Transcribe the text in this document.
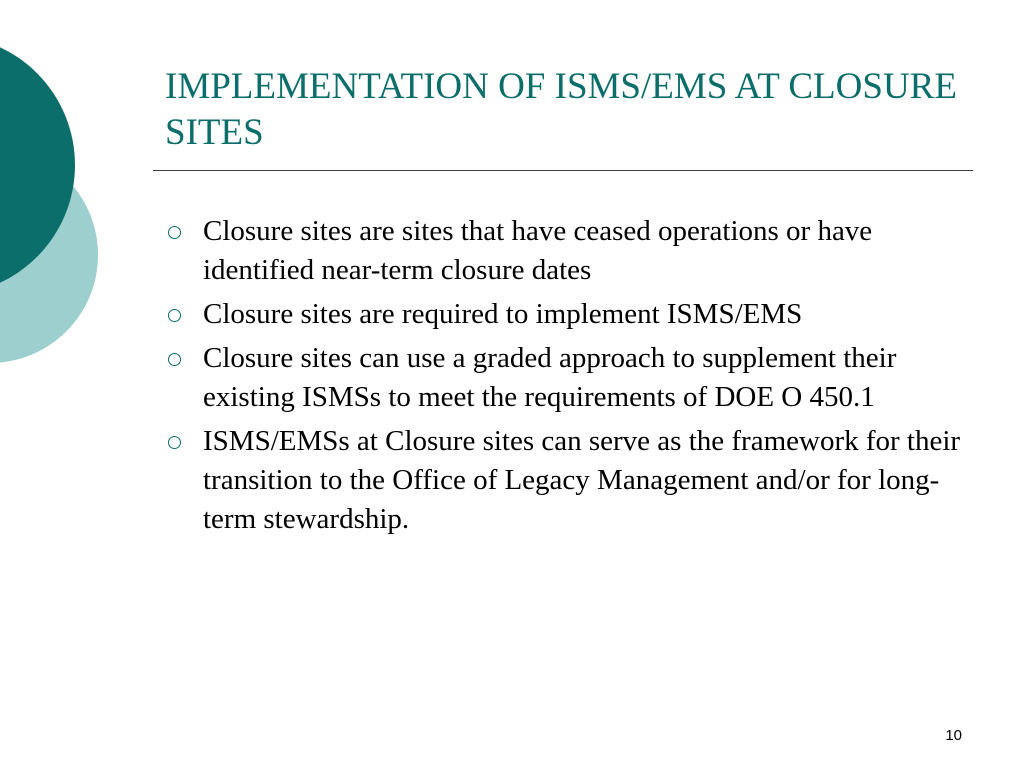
IMPLEMENTATION OF ISMS/EMS AT CLOSURE SITES
Closure sites are sites that have ceased operations or have identified near-term closure dates
Closure sites are required to implement ISMS/EMS
Closure sites can use a graded approach to supplement their existing ISMSs to meet the requirements of DOE O 450.1
ISMS/EMSs at Closure sites can serve as the framework for their transition to the Office of Legacy Management and/or for long-term stewardship.
10
